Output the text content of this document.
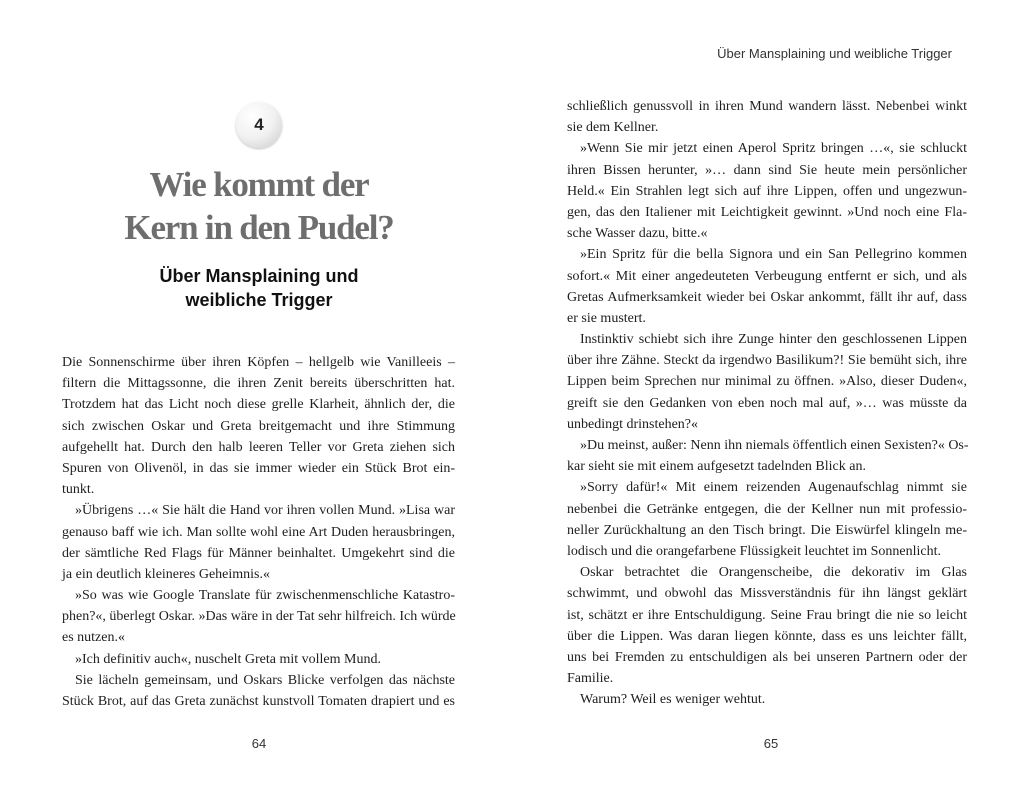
4
Wie kommt der
Kern in den Pudel?
Über Mansplaining und
weibliche Trigger
Die Sonnenschirme über ihren Köpfen – hellgelb wie Vanilleeis –
filtern die Mittagssonne, die ihren Zenit bereits überschritten hat.
Trotzdem hat das Licht noch diese grelle Klarheit, ähnlich der, die
sich zwischen Oskar und Greta breitgemacht und ihre Stimmung
aufgehellt hat. Durch den halb leeren Teller vor Greta ziehen sich
Spuren von Olivenöl, in das sie immer wieder ein Stück Brot ein-
tunkt.
»Übrigens …« Sie hält die Hand vor ihren vollen Mund. »Lisa war
genauso baff wie ich. Man sollte wohl eine Art Duden herausbringen,
der sämtliche Red Flags für Männer beinhaltet. Umgekehrt sind die
ja ein deutlich kleineres Geheimnis.«
»So was wie Google Translate für zwischenmenschliche Katastro-
phen?«, überlegt Oskar. »Das wäre in der Tat sehr hilfreich. Ich würde
es nutzen.«
»Ich definitiv auch«, nuschelt Greta mit vollem Mund.
Sie lächeln gemeinsam, und Oskars Blicke verfolgen das nächste
Stück Brot, auf das Greta zunächst kunstvoll Tomaten drapiert und es
64
Über Mansplaining und weibliche Trigger
schließlich genussvoll in ihren Mund wandern lässt. Nebenbei winkt
sie dem Kellner.
»Wenn Sie mir jetzt einen Aperol Spritz bringen …«, sie schluckt
ihren Bissen herunter, »… dann sind Sie heute mein persönlicher
Held.« Ein Strahlen legt sich auf ihre Lippen, offen und ungezwun-
gen, das den Italiener mit Leichtigkeit gewinnt. »Und noch eine Fla-
sche Wasser dazu, bitte.«
»Ein Spritz für die bella Signora und ein San Pellegrino kommen
sofort.« Mit einer angedeuteten Verbeugung entfernt er sich, und als
Gretas Aufmerksamkeit wieder bei Oskar ankommt, fällt ihr auf, dass
er sie mustert.
Instinktiv schiebt sich ihre Zunge hinter den geschlossenen Lippen
über ihre Zähne. Steckt da irgendwo Basilikum?! Sie bemüht sich, ihre
Lippen beim Sprechen nur minimal zu öffnen. »Also, dieser Duden«,
greift sie den Gedanken von eben noch mal auf, »… was müsste da
unbedingt drinstehen?«
»Du meinst, außer: Nenn ihn niemals öffentlich einen Sexisten?« Os-
kar sieht sie mit einem aufgesetzt tadelnden Blick an.
»Sorry dafür!« Mit einem reizenden Augenaufschlag nimmt sie
nebenbei die Getränke entgegen, die der Kellner nun mit professio-
neller Zurückhaltung an den Tisch bringt. Die Eiswürfel klingeln me-
lodisch und die orangefarbene Flüssigkeit leuchtet im Sonnenlicht.
Oskar betrachtet die Orangenscheibe, die dekorativ im Glas
schwimmt, und obwohl das Missverständnis für ihn längst geklärt
ist, schätzt er ihre Entschuldigung. Seine Frau bringt die nie so leicht
über die Lippen. Was daran liegen könnte, dass es uns leichter fällt,
uns bei Fremden zu entschuldigen als bei unseren Partnern oder der
Familie.
Warum? Weil es weniger wehtut.
65
